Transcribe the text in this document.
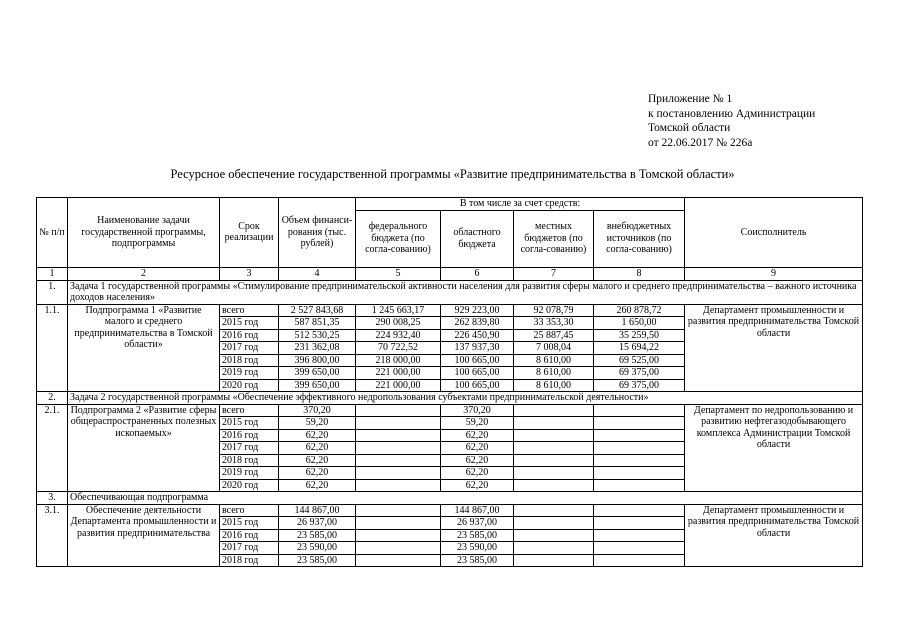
Приложение № 1
к постановлению Администрации
Томской области
от 22.06.2017 № 226а
Ресурсное обеспечение государственной программы «Развитие предпринимательства в Томской области»
№ п/п	Наименование задачи государственной программы, подпрограммы	Срок реализации	Объем финанси-рования (тыс. рублей)	В том числе за счет средств:				Соисполнитель
				федерального бюджета (по согла-сованию)	областного бюджета	местных бюджетов (по согла-сованию)	внебюджетных источников (по согла-сованию)	
1	2	3	4	5	6	7	8	9
1.	Задача 1 государственной программы «Стимулирование предпринимательской активности населения для развития сферы малого и среднего предпринимательства – важного источника доходов населения»							
1.1.	Подпрограмма 1 «Развитие малого и среднего предпринимательства в Томской области»	всего	2 527 843,68	1 245 663,17	929 223,00	92 078,79	260 878,72	Департамент промышленности и развития предпринимательства Томской области
		2015 год	587 851,35	290 008,25	262 839,80	33 353,30	1 650,00	
		2016 год	512 530,25	224 932,40	226 450,90	25 887,45	35 259,50	
		2017 год	231 362,08	70 722,52	137 937,30	7 008,04	15 694,22	
		2018 год	396 800,00	218 000,00	100 665,00	8 610,00	69 525,00	
		2019 год	399 650,00	221 000,00	100 665,00	8 610,00	69 375,00	
		2020 год	399 650,00	221 000,00	100 665,00	8 610,00	69 375,00	
2.	Задача 2 государственной программы «Обеспечение эффективного недропользования субъектами предпринимательской деятельности»							
2.1.	Подпрограмма 2 «Развитие сферы общераспространенных полезных ископаемых»	всего	370,20		370,20			Департамент по недропользованию и развитию нефтегазодобывающего комплекса Администрации Томской области
		2015 год	59,20		59,20			
		2016 год	62,20		62,20			
		2017 год	62,20		62,20			
		2018 год	62,20		62,20			
		2019 год	62,20		62,20			
		2020 год	62,20		62,20			
3.	Обеспечивающая подпрограмма							
3.1.	Обеспечение деятельности Департамента промышленности и развития предпринимательства	всего	144 867,00		144 867,00			Департамент промышленности и развития предпринимательства Томской области
		2015 год	26 937,00		26 937,00			
		2016 год	23 585,00		23 585,00			
		2017 год	23 590,00		23 590,00			
		2018 год	23 585,00		23 585,00			
